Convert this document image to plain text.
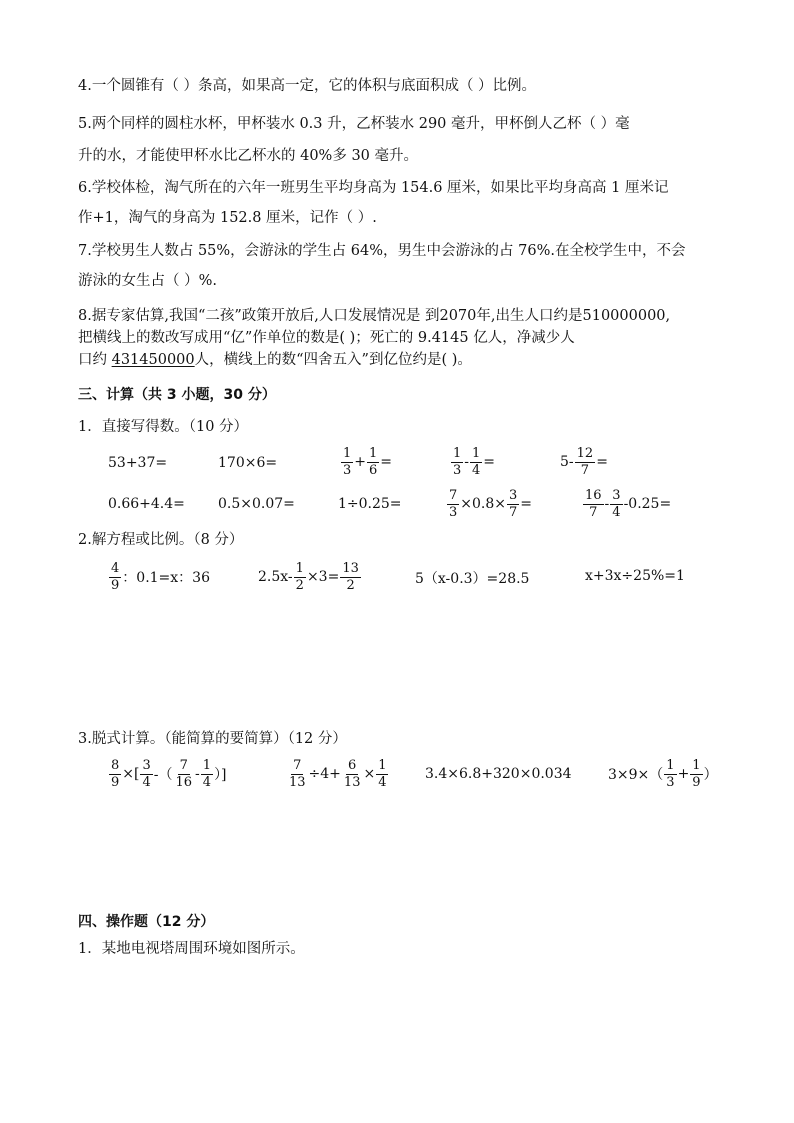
4.一个圆锥有（ ）条高，如果高一定，它的体积与底面积成（ ）比例。
5.两个同样的圆柱水杯，甲杯装水 0.3 升，乙杯装水 290 毫升，甲杯倒人乙杯（ ）毫
升的水，才能使甲杯水比乙杯水的 40%多 30 毫升。
6.学校体检，淘气所在的六年一班男生平均身高为 154.6 厘米，如果比平均身高高 1 厘米记
作+1，淘气的身高为 152.8 厘米，记作（ ）.
7.学校男生人数占 55%，会游泳的学生占 64%，男生中会游泳的占 76%.在全校学生中，不会
游泳的女生占（ ）%.
8.据专家估算,我国“二孩”政策开放后,人口发展情况是 到2070年,出生人口约是510000000,
把横线上的数改写成用“亿”作单位的数是( )；死亡的 9.4145 亿人，净减少人
口约 431450000人，横线上的数“四舍五入”到亿位约是( )。
三、计算（共 3 小题，30 分）
1．直接写得数。（10 分）
53+37=	170×6=	$\frac{1}{3} + \frac{1}{6}$ =	$\frac{1}{3} - \frac{1}{4}$ =	$5- \frac{12}{7}$ =
0.66+4.4= 0.5×0.07=	1÷0.25=	$\frac{7}{3} \times 0.8\times \frac{3}{7}$ =	$\frac{16}{7} - \frac{3}{4} -0.25=$
2.解方程或比例。（8 分）
$\frac{4}{9}$ ：0.1=x：36	$2.5x- \frac{1}{2} \times 3= \frac{13}{2}$	5（x-0.3）=28.5	x+3x÷25%=1
3.脱式计算。（能简算的要简算）（12 分）
$\frac{8}{9}$ ×[ $\frac{3}{4}$ -（ $\frac{7}{16} - \frac{1}{4}$ ）]	$\frac{7}{13} \div 4+ \frac{6}{13} \times \frac{1}{4}$	3.4×6.8+320×0.034	$3\times 9\times( \frac{1}{3} + \frac{1}{9}$ ）
四、操作题（12 分）
1．某地电视塔周围环境如图所示。
